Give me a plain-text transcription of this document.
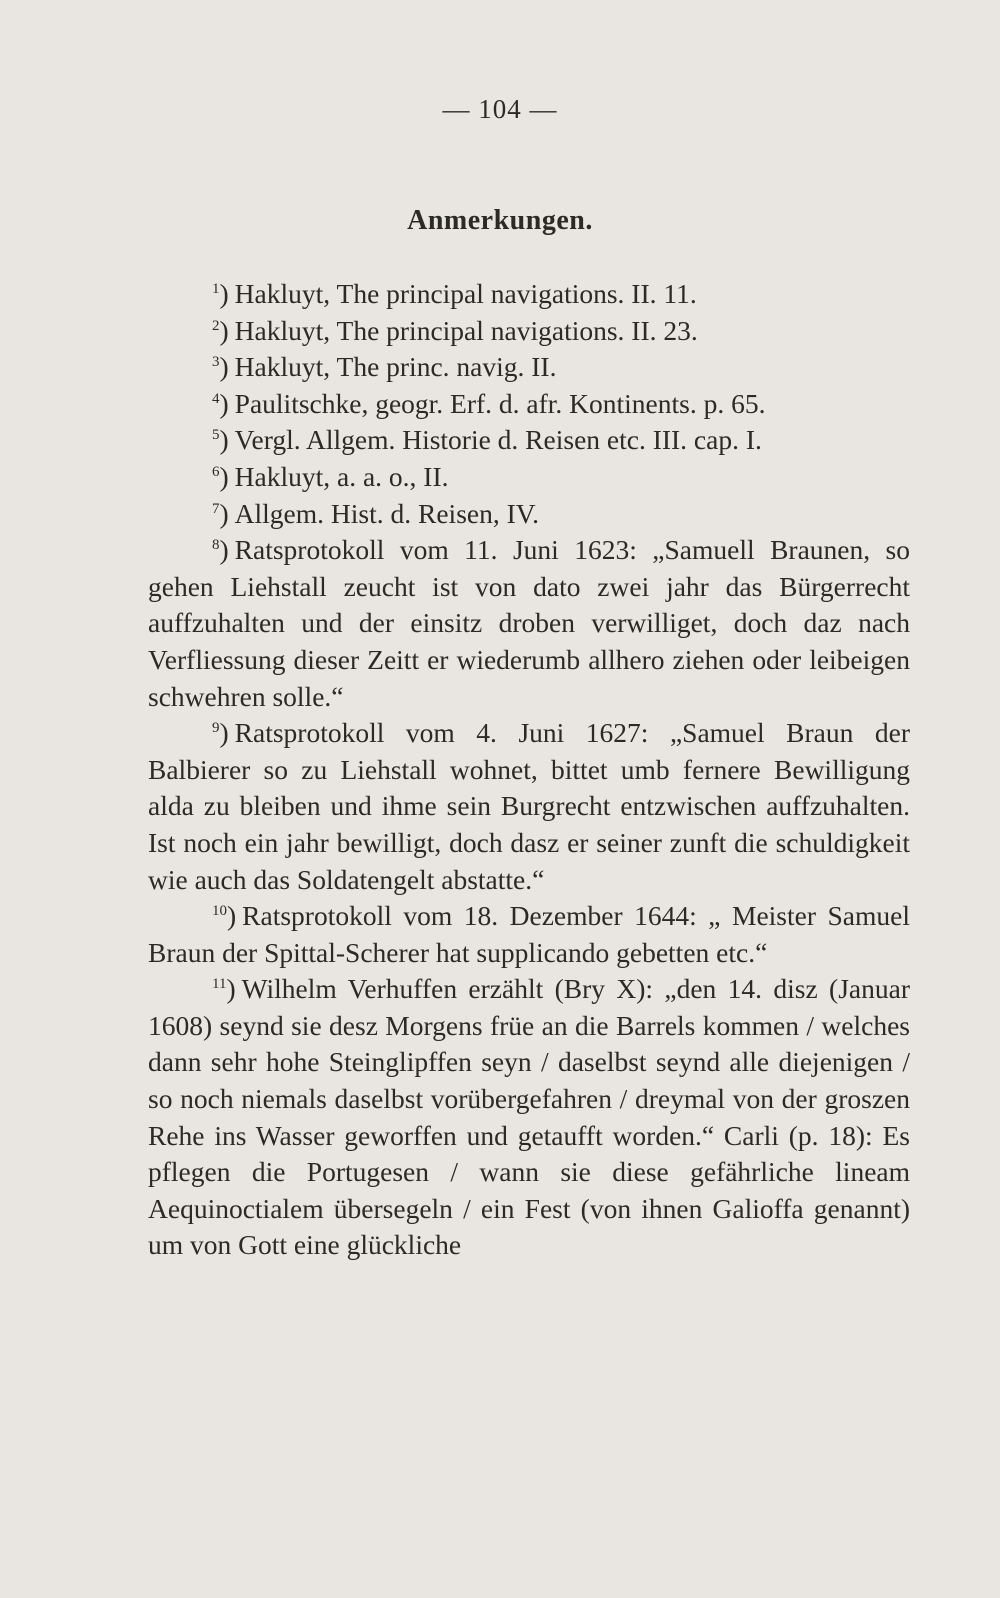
— 104 —
Anmerkungen.

$^1$) Hakluyt, The principal navigations. II. 11.

$^2$) Hakluyt, The principal navigations. II. 23.

$^3$) Hakluyt, The princ. navig. II.

$^4$) Paulitschke, geogr. Erf. d. afr. Kontinents. p. 65.

$^5$) Vergl. Allgem. Historie d. Reisen etc. III. cap. I.

$^6$) Hakluyt, a. a. o., II.

$^7$) Allgem. Hist. d. Reisen, IV.

$^8$) Ratsprotokoll vom 11. Juni 1623: „Samuell Braunen, so gehen Liehstall zeucht ist von dato zwei jahr das Bürgerrecht auffzuhalten und der einsitz droben verwilliget, doch daz nach Verfliessung dieser Zeitt er wiederumb allhero ziehen oder leibeigen schwehren solle.“

$^9$) Ratsprotokoll vom 4. Juni 1627: „Samuel Braun der Balbierer so zu Liehstall wohnet, bittet umb fernere Bewilligung alda zu bleiben und ihme sein Burgrecht entzwischen auffzuhalten. Ist noch ein jahr bewilligt, doch dasz er seiner zunft die schuldigkeit wie auch das Soldatengelt abstatte.“

$^{10}$) Ratsprotokoll vom 18. Dezember 1644: „ Meister Samuel Braun der Spittal-Scherer hat supplicando gebetten etc.“

$^{11}$) Wilhelm Verhuffen erzählt (Bry X): „den 14. disz (Januar 1608) seynd sie desz Morgens früe an die Barrels kommen / welches dann sehr hohe Steinglipffen seyn / daselbst seynd alle diejenigen / so noch niemals daselbst vorübergefahren / dreymal von der groszen Rehe ins Wasser geworffen und getaufft worden.“ Carli (p. 18): Es pflegen die Portugesen / wann sie diese gefährliche lineam Aequinoctialem übersegeln / ein Fest (von ihnen Galioffa genannt) um von Gott eine glückliche
